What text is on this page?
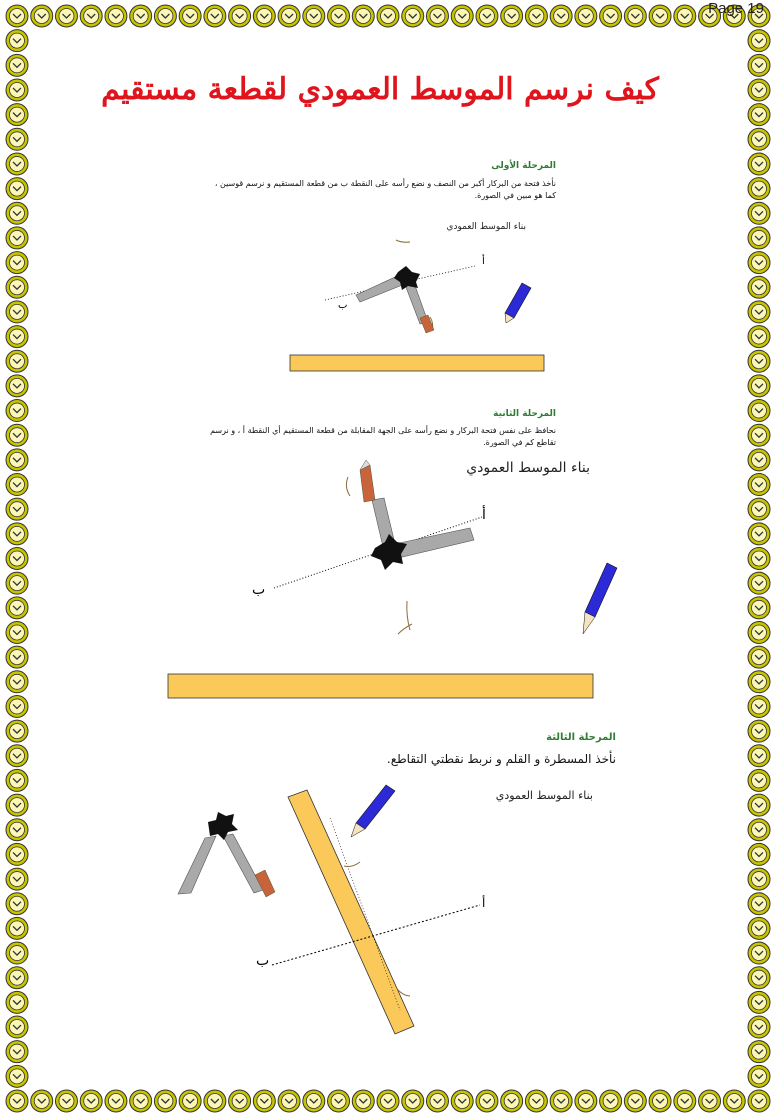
Page 19
كيف نرسم الموسط العمودي لقطعة مستقيم
المرحلة الأولى
نأخذ فتحة من البركار أكبر من النصف و نضع رأسه على النقطة ب من قطعة المستقيم و نرسم قوسين ، كما هو مبين في الصورة.
بناء الموسط العمودي
أ
ب
المرحلة الثانية
نحافظ على نفس فتحة البركار و نضع رأسه على الجهة المقابلة من قطعة المستقيم أي النقطة أ ، و نرسم تقاطع كم في الصورة.
بناء الموسط العمودي
أ
ب
المرحلة الثالثة
نأخذ المسطرة و القلم و نربط نقطتي التقاطع.
بناء الموسط العمودي
أ
ب
